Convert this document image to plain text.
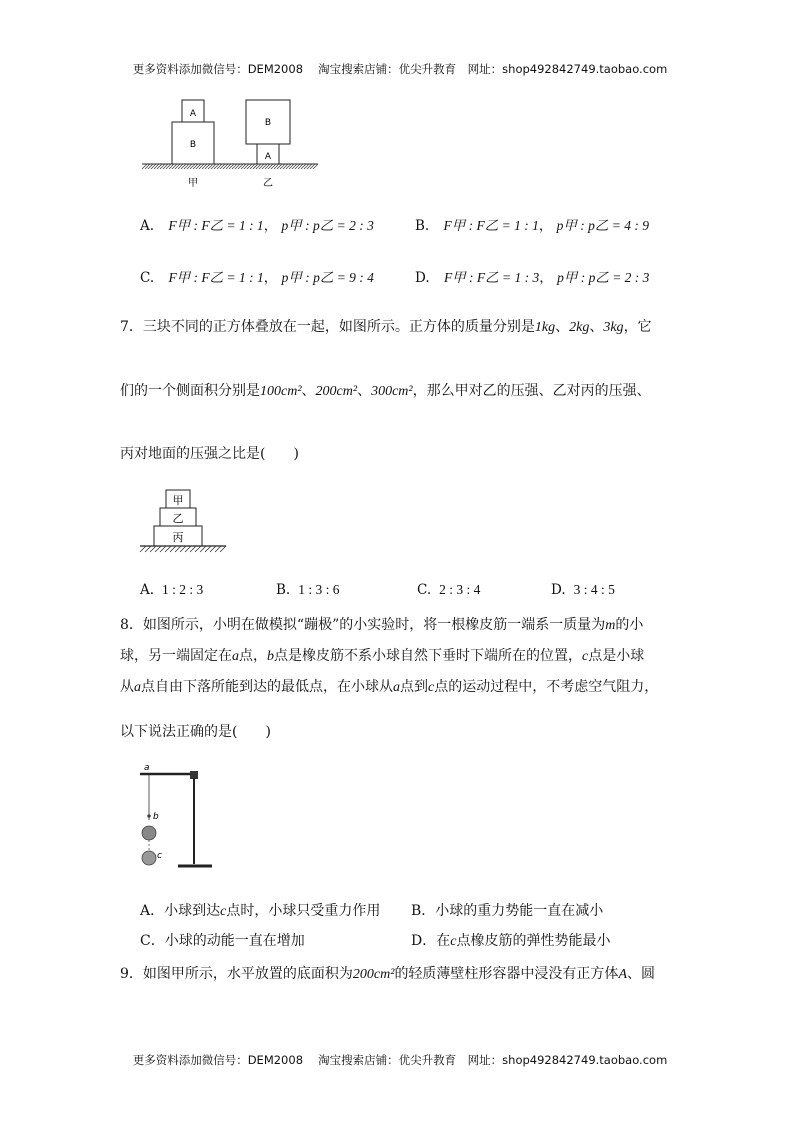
更多资料添加微信号：DEM2008　 淘宝搜索店铺：优尖升教育　网址：shop492842749.taobao.com
A
B
B
A
甲	乙
A. F甲 : F乙 = 1 : 1， p甲 : p乙 = 2 : 3	B. F甲 : F乙 = 1 : 1， p甲 : p乙 = 4 : 9
C. F甲 : F乙 = 1 : 1， p甲 : p乙 = 9 : 4	D. F甲 : F乙 = 1 : 3， p甲 : p乙 = 2 : 3
7．三块不同的正方体叠放在一起，如图所示。正方体的质量分别是1kg、2kg、3kg，它
们的一个侧面积分别是100cm²、200cm²、300cm²，那么甲对乙的压强、乙对丙的压强、
丙对地面的压强之比是(　　)
甲
乙
丙
A. 1 : 2 : 3	B. 1 : 3 : 6	C. 2 : 3 : 4	D. 3 : 4 : 5
8．如图所示，小明在做模拟“蹦极”的小实验时，将一根橡皮筋一端系一质量为m的小
球，另一端固定在a点，b点是橡皮筋不系小球自然下垂时下端所在的位置，c点是小球
从a点自由下落所能到达的最低点，在小球从a点到c点的运动过程中，不考虑空气阻力，
以下说法正确的是(　　)
a
b
c
A．小球到达c点时，小球只受重力作用 B．小球的重力势能一直在减小
C．小球的动能一直在增加	D．在c点橡皮筋的弹性势能最小
9．如图甲所示，水平放置的底面积为200cm²的轻质薄壁柱形容器中浸没有正方体A、圆
更多资料添加微信号：DEM2008　 淘宝搜索店铺：优尖升教育　网址：shop492842749.taobao.com
